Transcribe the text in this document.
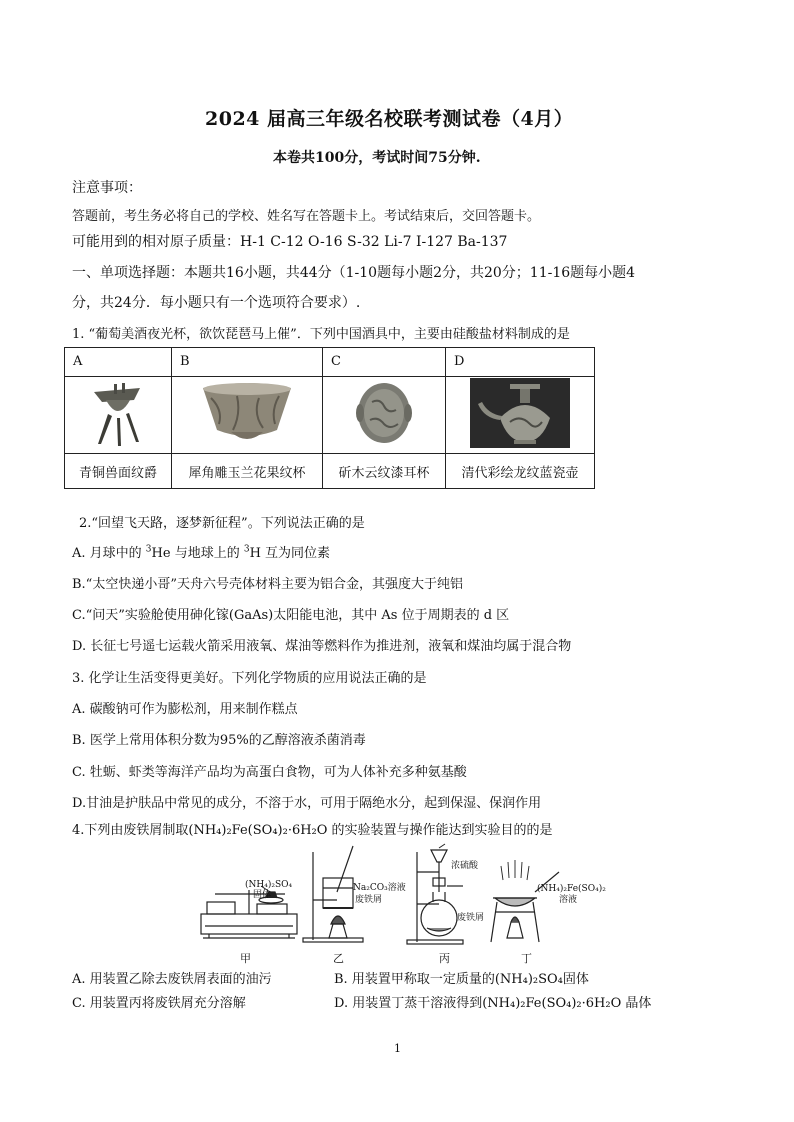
2024 届高三年级名校联考测试卷（4月）
本卷共100分，考试时间75分钟.
注意事项：
答题前，考生务必将自己的学校、姓名写在答题卡上。考试结束后，交回答题卡。
可能用到的相对原子质量：H-1 C-12 O-16 S-32 Li-7 I-127 Ba-137
一、单项选择题：本题共16小题，共44分（1-10题每小题2分，共20分；11-16题每小题4
分，共24分．每小题只有一个选项符合要求）.
1. “葡萄美酒夜光杯，欲饮琵琶马上催”．下列中国酒具中，主要由硅酸盐材料制成的是
A	B	C	D

青铜兽面纹爵	犀角雕玉兰花果纹杯	斫木云纹漆耳杯	清代彩绘龙纹蓝瓷壶
2.“回望飞天路，逐梦新征程”。下列说法正确的是
A. 月球中的 $^3$He 与地球上的 $^3$H 互为同位素
B.“太空快递小哥”天舟六号壳体材料主要为铝合金，其强度大于纯铝
C.“问天”实验舱使用砷化镓(GaAs)太阳能电池，其中 As 位于周期表的 d 区
D. 长征七号遥七运载火箭采用液氧、煤油等燃料作为推进剂，液氧和煤油均属于混合物
3. 化学让生活变得更美好。下列化学物质的应用说法正确的是
A. 碳酸钠可作为膨松剂，用来制作糕点
B. 医学上常用体积分数为95%的乙醇溶液杀菌消毒
C. 牡蛎、虾类等海洋产品均为高蛋白食物，可为人体补充多种氨基酸
D.甘油是护肤品中常见的成分，不溶于水，可用于隔绝水分，起到保湿、保润作用
4.下列由废铁屑制取(NH₄)₂Fe(SO₄)₂·6H₂O 的实验装置与操作能达到实验目的的是
(NH₄)₂SO₄
固体
Na₂CO₃溶液
废铁屑
浓硫酸
废铁屑
(NH₄)₂Fe(SO₄)₂
溶液
甲	乙	丙	丁
A. 用装置乙除去废铁屑表面的油污	B. 用装置甲称取一定质量的(NH₄)₂SO₄固体
C. 用装置丙将废铁屑充分溶解	D. 用装置丁蒸干溶液得到(NH₄)₂Fe(SO₄)₂·6H₂O 晶体
1
